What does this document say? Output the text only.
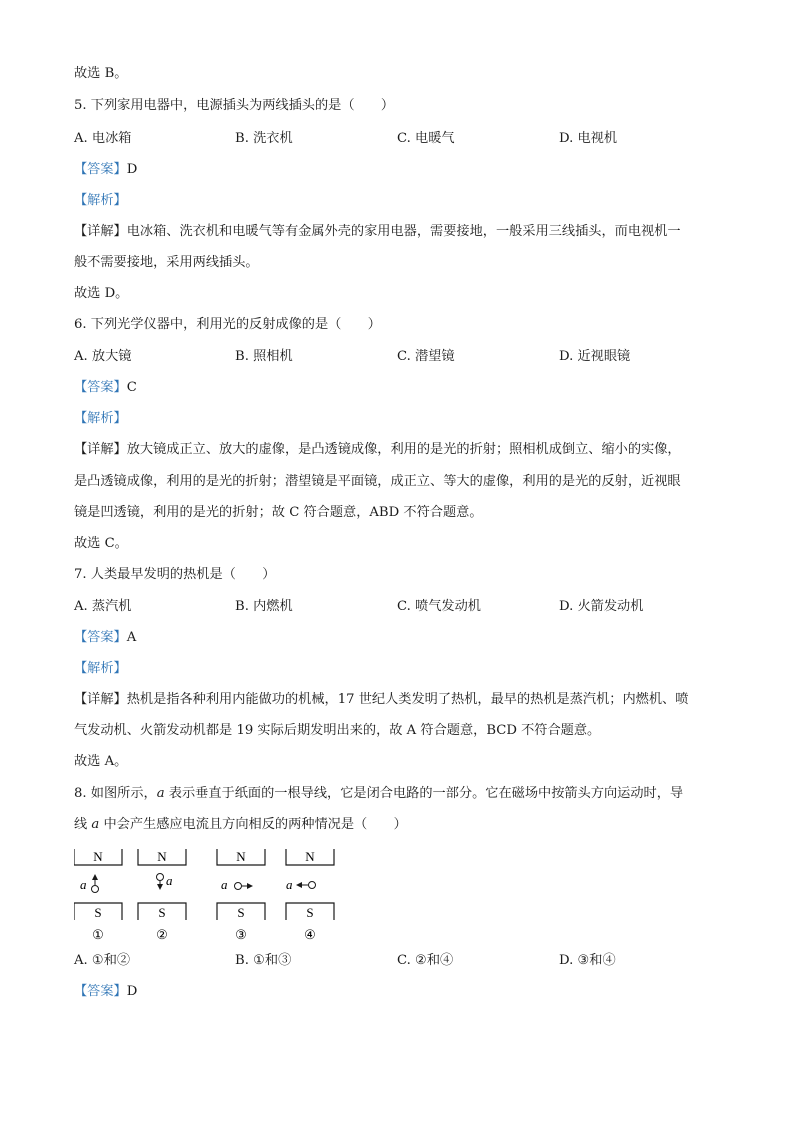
故选 B。
5. 下列家用电器中，电源插头为两线插头的是（　　）
A. 电冰箱	B. 洗衣机	C. 电暖气	D. 电视机
【答案】D
【解析】
【详解】电冰箱、洗衣机和电暖气等有金属外壳的家用电器，需要接地，一般采用三线插头，而电视机一
般不需要接地，采用两线插头。
故选 D。
6. 下列光学仪器中，利用光的反射成像的是（　　）
A. 放大镜	B. 照相机	C. 潜望镜	D. 近视眼镜
【答案】C
【解析】
【详解】放大镜成正立、放大的虚像，是凸透镜成像，利用的是光的折射；照相机成倒立、缩小的实像，
是凸透镜成像，利用的是光的折射；潜望镜是平面镜，成正立、等大的虚像，利用的是光的反射，近视眼
镜是凹透镜，利用的是光的折射；故 C 符合题意，ABD 不符合题意。
故选 C。
7. 人类最早发明的热机是（　　）
A. 蒸汽机	B. 内燃机	C. 喷气发动机	D. 火箭发动机
【答案】A
【解析】
【详解】热机是指各种利用内能做功的机械，17 世纪人类发明了热机，最早的热机是蒸汽机；内燃机、喷
气发动机、火箭发动机都是 19 实际后期发明出来的，故 A 符合题意，BCD 不符合题意。
故选 A。
8. 如图所示，a 表示垂直于纸面的一根导线，它是闭合电路的一部分。它在磁场中按箭头方向运动时，导
线 a 中会产生感应电流且方向相反的两种情况是（　　）
N
S
a
①
N
S
a
②
N
S
a
③
N
S
a
④
A. ①和②	B. ①和③	C. ②和④	D. ③和④
【答案】D
